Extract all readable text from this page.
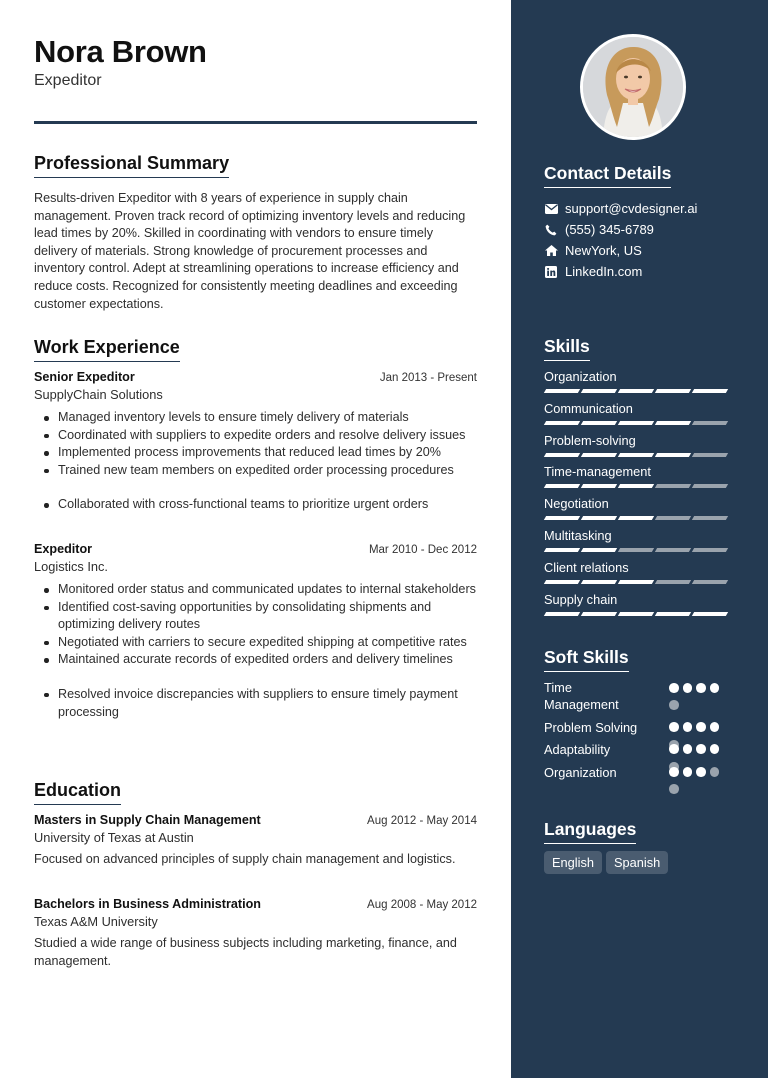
Nora Brown
Expeditor
Professional Summary
Results-driven Expeditor with 8 years of experience in supply chain management. Proven track record of optimizing inventory levels and reducing lead times by 20%. Skilled in coordinating with vendors to ensure timely delivery of materials. Strong knowledge of procurement processes and inventory control. Adept at streamlining operations to increase efficiency and reduce costs. Recognized for consistently meeting deadlines and exceeding customer expectations.
Work Experience
Senior Expeditor	Jan 2013 - Present
SupplyChain Solutions
Managed inventory levels to ensure timely delivery of materials
Coordinated with suppliers to expedite orders and resolve delivery issues
Implemented process improvements that reduced lead times by 20%
Trained new team members on expedited order processing procedures
Collaborated with cross-functional teams to prioritize urgent orders
Expeditor	Mar 2010 - Dec 2012
Logistics Inc.
Monitored order status and communicated updates to internal stakeholders
Identified cost-saving opportunities by consolidating shipments and optimizing delivery routes
Negotiated with carriers to secure expedited shipping at competitive rates
Maintained accurate records of expedited orders and delivery timelines
Resolved invoice discrepancies with suppliers to ensure timely payment processing
Education
Masters in Supply Chain Management	Aug 2012 - May 2014
University of Texas at Austin
Focused on advanced principles of supply chain management and logistics.
Bachelors in Business Administration	Aug 2008 - May 2012
Texas A&M University
Studied a wide range of business subjects including marketing, finance, and management.
Contact Details
support@cvdesigner.ai
(555) 345-6789
NewYork, US
LinkedIn.com
Skills
Organization
Communication
Problem-solving
Time-management
Negotiation
Multitasking
Client relations
Supply chain
Soft Skills
Time Management
Problem Solving
Adaptability
Organization
Languages
English	Spanish
